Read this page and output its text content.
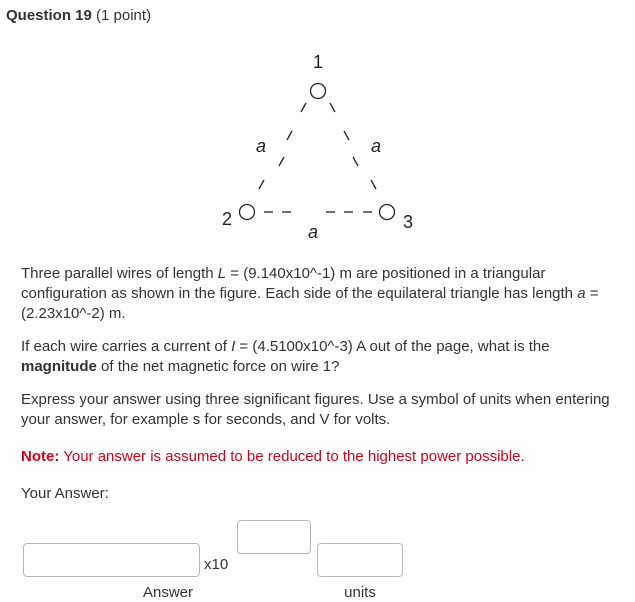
Question 19 (1 point)
1
2	3
a	a
a
Three parallel wires of length L = (9.140x10^-1) m are positioned in a triangular configuration as shown in the figure. Each side of the equilateral triangle has length a = (2.23x10^-2) m.
If each wire carries a current of I = (4.5100x10^-3) A out of the page, what is the magnitude of the net magnetic force on wire 1?
Express your answer using three significant figures. Use a symbol of units when entering your answer, for example s for seconds, and V for volts.
Note: Your answer is assumed to be reduced to the highest power possible.
Your Answer:
x10
Answer	units
